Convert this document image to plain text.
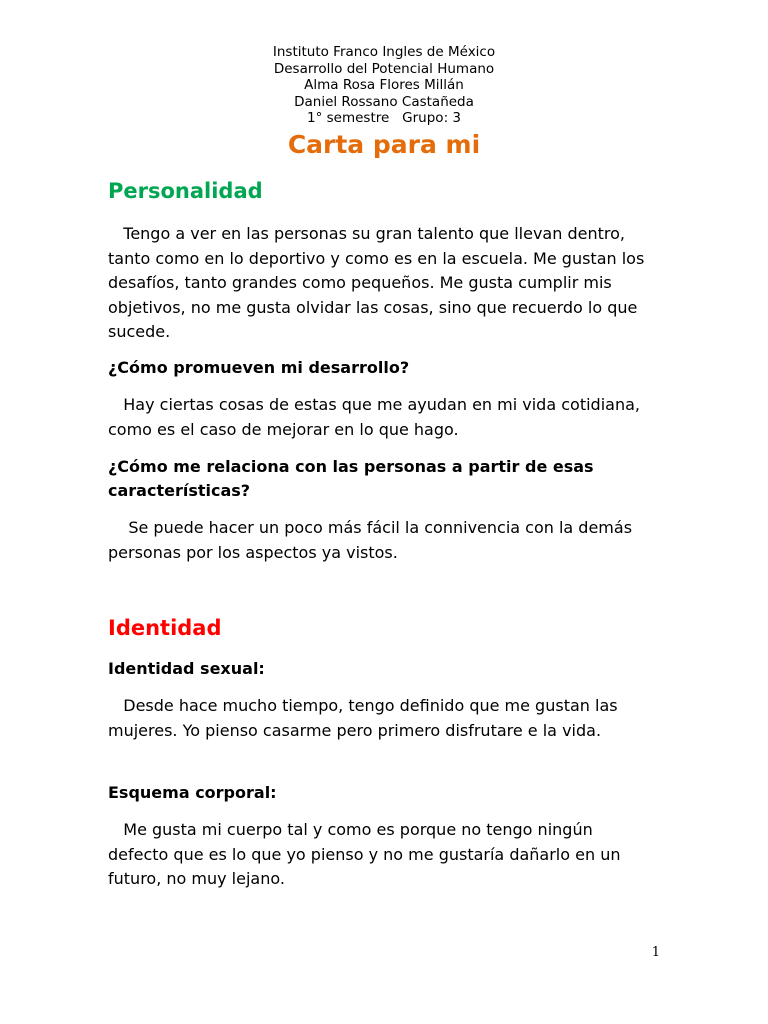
Instituto Franco Ingles de México
Desarrollo del Potencial Humano
Alma Rosa Flores Millán
Daniel Rossano Castañeda
1° semestre   Grupo: 3
Carta para mi
Personalidad
Tengo a ver en las personas su gran talento que llevan dentro, tanto como en lo deportivo y como es en la escuela. Me gustan los desafíos, tanto grandes como pequeños. Me gusta cumplir mis objetivos, no me gusta olvidar las cosas, sino que recuerdo lo que sucede.
¿Cómo promueven mi desarrollo?
Hay ciertas cosas de estas que me ayudan en mi vida cotidiana, como es el caso de mejorar en lo que hago.
¿Cómo me relaciona con las personas a partir de esas características?
Se puede hacer un poco más fácil la connivencia con la demás personas por los aspectos ya vistos.
Identidad
Identidad sexual:
Desde hace mucho tiempo, tengo definido que me gustan las mujeres. Yo pienso casarme pero primero disfrutare e la vida.
Esquema corporal:
Me gusta mi cuerpo tal y como es porque no tengo ningún defecto que es lo que yo pienso y no me gustaría dañarlo en un futuro, no muy lejano.
1
